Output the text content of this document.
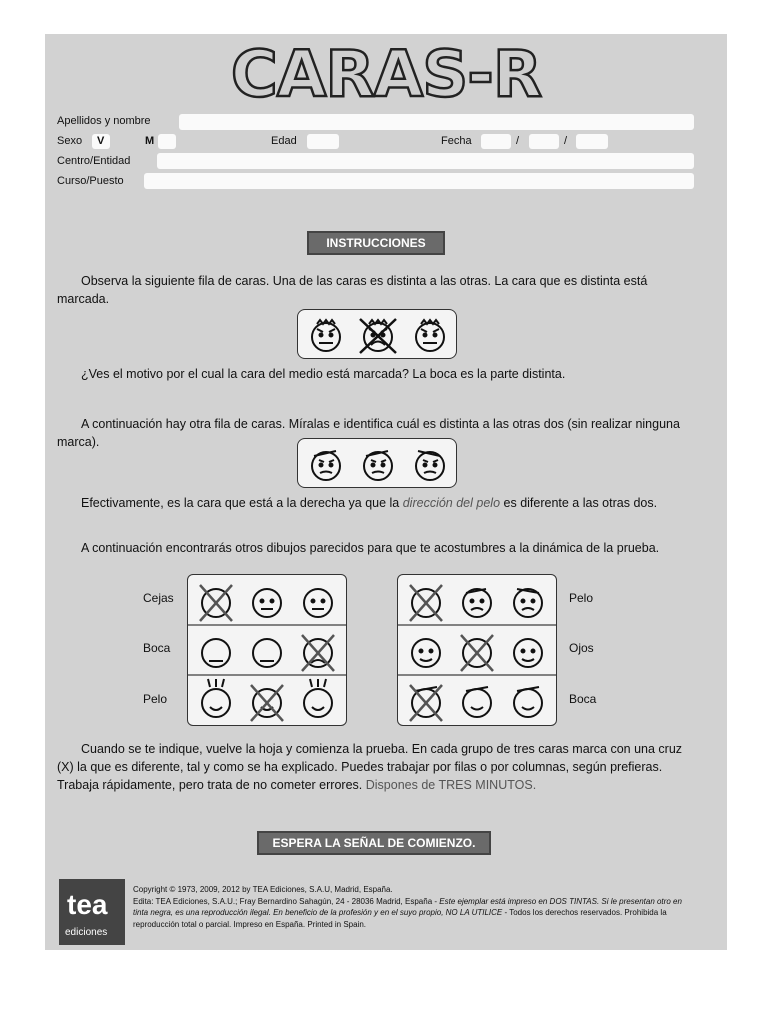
CARAS-R
Apellidos y nombre
Sexo V	M	Edad	Fecha	/	/
Centro/Entidad
Curso/Puesto
INSTRUCCIONES
Observa la siguiente fila de caras. Una de las caras es distinta a las otras. La cara que es distinta está marcada.
¿Ves el motivo por el cual la cara del medio está marcada? La boca es la parte distinta.
A continuación hay otra fila de caras. Míralas e identifica cuál es distinta a las otras dos (sin realizar ninguna marca).
Efectivamente, es la cara que está a la derecha ya que la dirección del pelo es diferente a las otras dos.
A continuación encontrarás otros dibujos parecidos para que te acostumbres a la dinámica de la prueba.
Cejas
Boca
Pelo
Pelo
Ojos
Boca
Cuando se te indique, vuelve la hoja y comienza la prueba. En cada grupo de tres caras marca con una cruz (X) la que es diferente, tal y como se ha explicado. Puedes trabajar por filas o por columnas, según prefieras. Trabaja rápidamente, pero trata de no cometer errores. Dispones de TRES MINUTOS.
ESPERA LA SEÑAL DE COMIENZO.
tea
ediciones
Copyright © 1973, 2009, 2012 by TEA Ediciones, S.A.U, Madrid, España.
Edita: TEA Ediciones, S.A.U.; Fray Bernardino Sahagún, 24 - 28036 Madrid, España - Este ejemplar está impreso en DOS TINTAS. Si le presentan otro en tinta negra, es una reproducción ilegal. En beneficio de la profesión y en el suyo propio, NO LA UTILICE - Todos los derechos reservados. Prohibida la reproducción total o parcial. Impreso en España. Printed in Spain.
